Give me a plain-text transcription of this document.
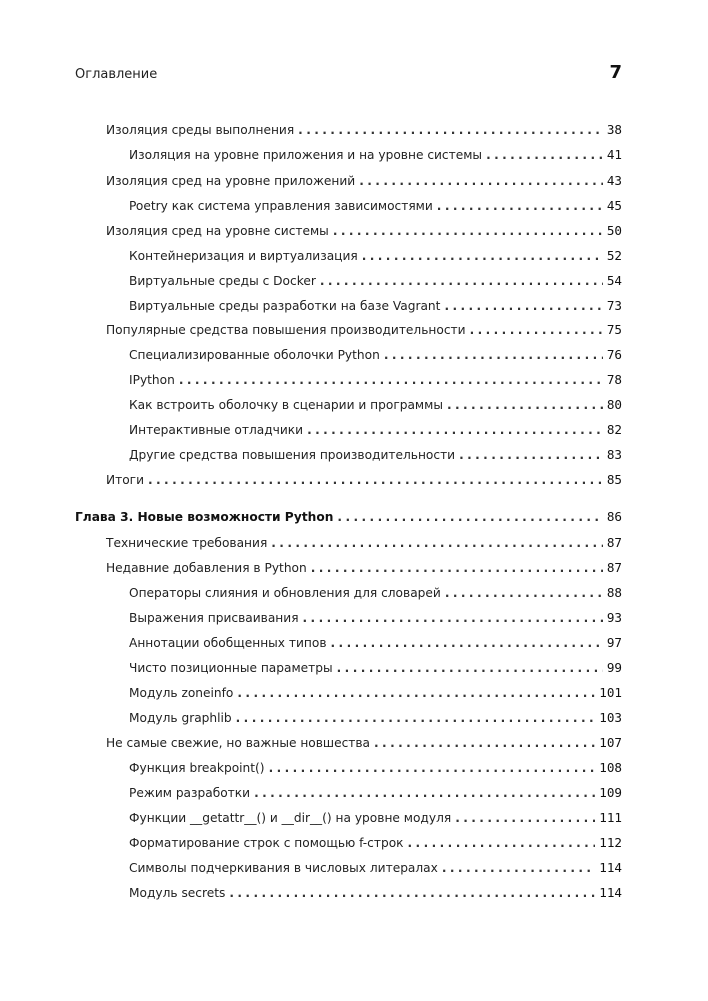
Оглавление	7
Изоляция среды выполнения .....	38
Изоляция на уровне приложения и на уровне системы .....	41
Изоляция сред на уровне приложений .....	43
Poetry как система управления зависимостями .....	45
Изоляция сред на уровне системы .....	50
Контейнеризация и виртуализация .....	52
Виртуальные среды с Docker .....	54
Виртуальные среды разработки на базе Vagrant .....	73
Популярные средства повышения производительности .....	75
Специализированные оболочки Python .....	76
IPython .....	78
Как встроить оболочку в сценарии и программы .....	80
Интерактивные отладчики .....	82
Другие средства повышения производительности .....	83
Итоги .....	85
Глава 3. Новые возможности Python .....	86
Технические требования .....	87
Недавние добавления в Python .....	87
Операторы слияния и обновления для словарей .....	88
Выражения присваивания .....	93
Аннотации обобщенных типов .....	97
Чисто позиционные параметры .....	99
Модуль zoneinfo .....	101
Модуль graphlib .....	103
Не самые свежие, но важные новшества .....	107
Функция breakpoint() .....	108
Режим разработки .....	109
Функции __getattr__() и __dir__() на уровне модуля .....	111
Форматирование строк с помощью f-строк .....	112
Символы подчеркивания в числовых литералах .....	114
Модуль secrets .....	114
